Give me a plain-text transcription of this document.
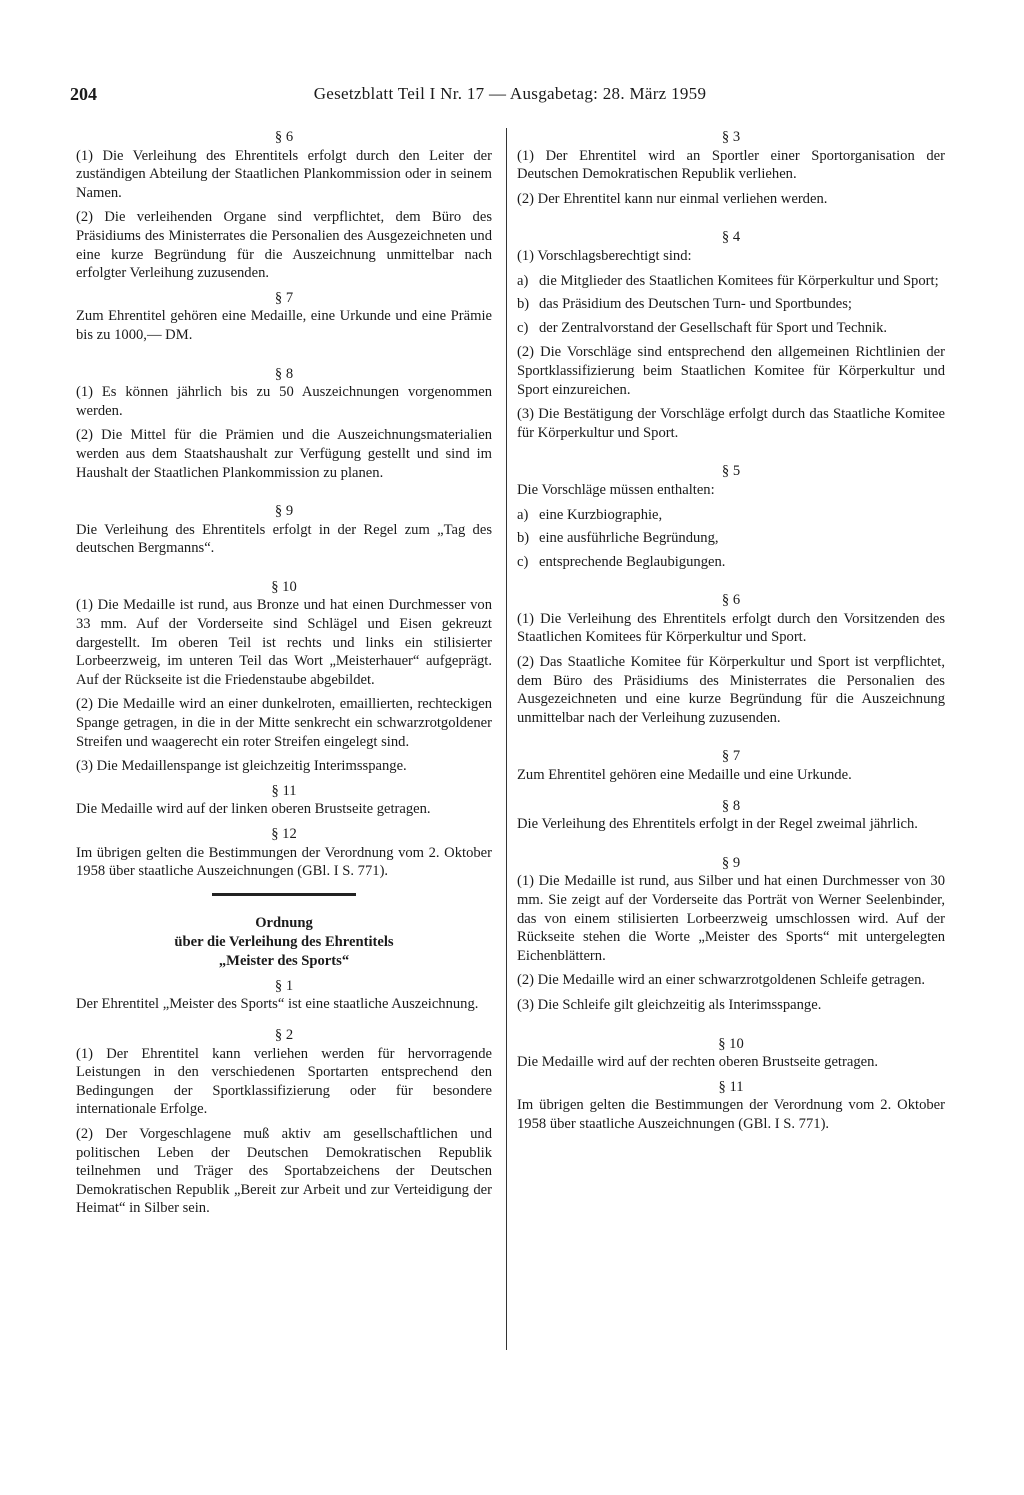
204	Gesetzblatt Teil I Nr. 17 — Ausgabetag: 28. März 1959

§ 6

(1) Die Verleihung des Ehrentitels erfolgt durch den Leiter der zuständigen Abteilung der Staatlichen Plankommission oder in seinem Namen.

(2) Die verleihenden Organe sind verpflichtet, dem Büro des Präsidiums des Ministerrates die Personalien des Ausgezeichneten und eine kurze Begründung für die Auszeichnung unmittelbar nach erfolgter Verleihung zuzusenden.

§ 7

Zum Ehrentitel gehören eine Medaille, eine Urkunde und eine Prämie bis zu 1000,— DM.

§ 8

(1) Es können jährlich bis zu 50 Auszeichnungen vorgenommen werden.

(2) Die Mittel für die Prämien und die Auszeichnungsmaterialien werden aus dem Staatshaushalt zur Verfügung gestellt und sind im Haushalt der Staatlichen Plankommission zu planen.

§ 9

Die Verleihung des Ehrentitels erfolgt in der Regel zum „Tag des deutschen Bergmanns“.

§ 10

(1) Die Medaille ist rund, aus Bronze und hat einen Durchmesser von 33 mm. Auf der Vorderseite sind Schlägel und Eisen gekreuzt dargestellt. Im oberen Teil ist rechts und links ein stilisierter Lorbeerzweig, im unteren Teil das Wort „Meisterhauer“ aufgeprägt. Auf der Rückseite ist die Friedenstaube abgebildet.

(2) Die Medaille wird an einer dunkelroten, emaillierten, rechteckigen Spange getragen, in die in der Mitte senkrecht ein schwarzrotgoldener Streifen und waagerecht ein roter Streifen eingelegt sind.

(3) Die Medaillenspange ist gleichzeitig Interimsspange.

§ 11

Die Medaille wird auf der linken oberen Brustseite getragen.

§ 12

Im übrigen gelten die Bestimmungen der Verordnung vom 2. Oktober 1958 über staatliche Auszeichnungen (GBl. I S. 771).

Ordnung

über die Verleihung des Ehrentitels

„Meister des Sports“

§ 1

Der Ehrentitel „Meister des Sports“ ist eine staatliche Auszeichnung.

§ 2

(1) Der Ehrentitel kann verliehen werden für hervorragende Leistungen in den verschiedenen Sportarten entsprechend den Bedingungen der Sportklassifizierung oder für besondere internationale Erfolge.

(2) Der Vorgeschlagene muß aktiv am gesellschaftlichen und politischen Leben der Deutschen Demokratischen Republik teilnehmen und Träger des Sportabzeichens der Deutschen Demokratischen Republik „Bereit zur Arbeit und zur Verteidigung der Heimat“ in Silber sein.

§ 3

(1) Der Ehrentitel wird an Sportler einer Sportorganisation der Deutschen Demokratischen Republik verliehen.

(2) Der Ehrentitel kann nur einmal verliehen werden.

§ 4

(1) Vorschlagsberechtigt sind:

a) die Mitglieder des Staatlichen Komitees für Körperkultur und Sport;
b) das Präsidium des Deutschen Turn- und Sportbundes;
c) der Zentralvorstand der Gesellschaft für Sport und Technik.

(2) Die Vorschläge sind entsprechend den allgemeinen Richtlinien der Sportklassifizierung beim Staatlichen Komitee für Körperkultur und Sport einzureichen.

(3) Die Bestätigung der Vorschläge erfolgt durch das Staatliche Komitee für Körperkultur und Sport.

§ 5

Die Vorschläge müssen enthalten:

a) eine Kurzbiographie,
b) eine ausführliche Begründung,
c) entsprechende Beglaubigungen.

§ 6

(1) Die Verleihung des Ehrentitels erfolgt durch den Vorsitzenden des Staatlichen Komitees für Körperkultur und Sport.

(2) Das Staatliche Komitee für Körperkultur und Sport ist verpflichtet, dem Büro des Präsidiums des Ministerrates die Personalien des Ausgezeichneten und eine kurze Begründung für die Auszeichnung unmittelbar nach der Verleihung zuzusenden.

§ 7

Zum Ehrentitel gehören eine Medaille und eine Urkunde.

§ 8

Die Verleihung des Ehrentitels erfolgt in der Regel zweimal jährlich.

§ 9

(1) Die Medaille ist rund, aus Silber und hat einen Durchmesser von 30 mm. Sie zeigt auf der Vorderseite das Porträt von Werner Seelenbinder, das von einem stilisierten Lorbeerzweig umschlossen wird. Auf der Rückseite stehen die Worte „Meister des Sports“ mit untergelegten Eichenblättern.

(2) Die Medaille wird an einer schwarzrotgoldenen Schleife getragen.

(3) Die Schleife gilt gleichzeitig als Interimsspange.

§ 10

Die Medaille wird auf der rechten oberen Brustseite getragen.

§ 11

Im übrigen gelten die Bestimmungen der Verordnung vom 2. Oktober 1958 über staatliche Auszeichnungen (GBl. I S. 771).
